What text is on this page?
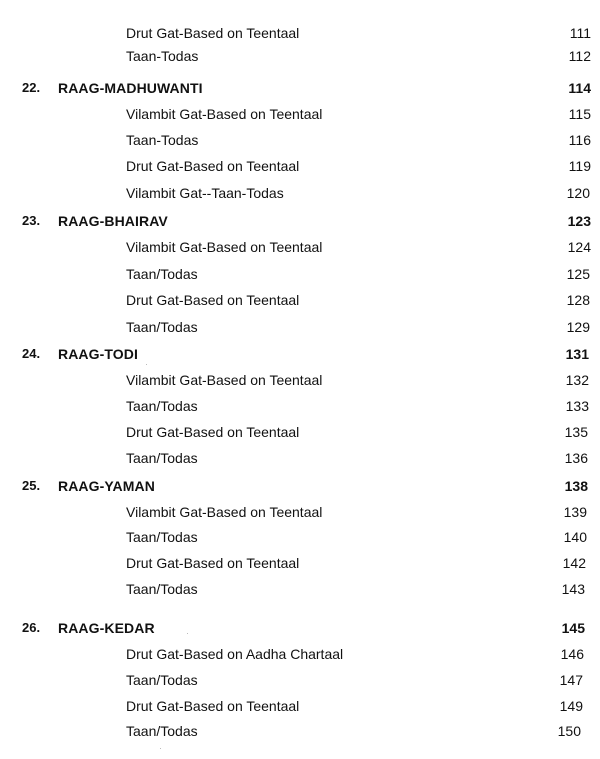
Drut Gat-Based on Teentaal	111
Taan-Todas	112
22. RAAG-MADHUWANTI	114
Vilambit Gat-Based on Teentaal	115
Taan-Todas	116
Drut Gat-Based on Teentaal	119
Vilambit Gat--Taan-Todas	120
23. RAAG-BHAIRAV	123
Vilambit Gat-Based on Teentaal	124
Taan/Todas	125
Drut Gat-Based on Teentaal	128
Taan/Todas	129
24. RAAG-TODI	131
Vilambit Gat-Based on Teentaal	132
Taan/Todas	133
Drut Gat-Based on Teentaal	135
Taan/Todas	136
25. RAAG-YAMAN	138
Vilambit Gat-Based on Teentaal	139
Taan/Todas	140
Drut Gat-Based on Teentaal	142
Taan/Todas	143
26. RAAG-KEDAR	145
Drut Gat-Based on Aadha Chartaal	146
Taan/Todas	147
Drut Gat-Based on Teentaal	149
Taan/Todas	150
